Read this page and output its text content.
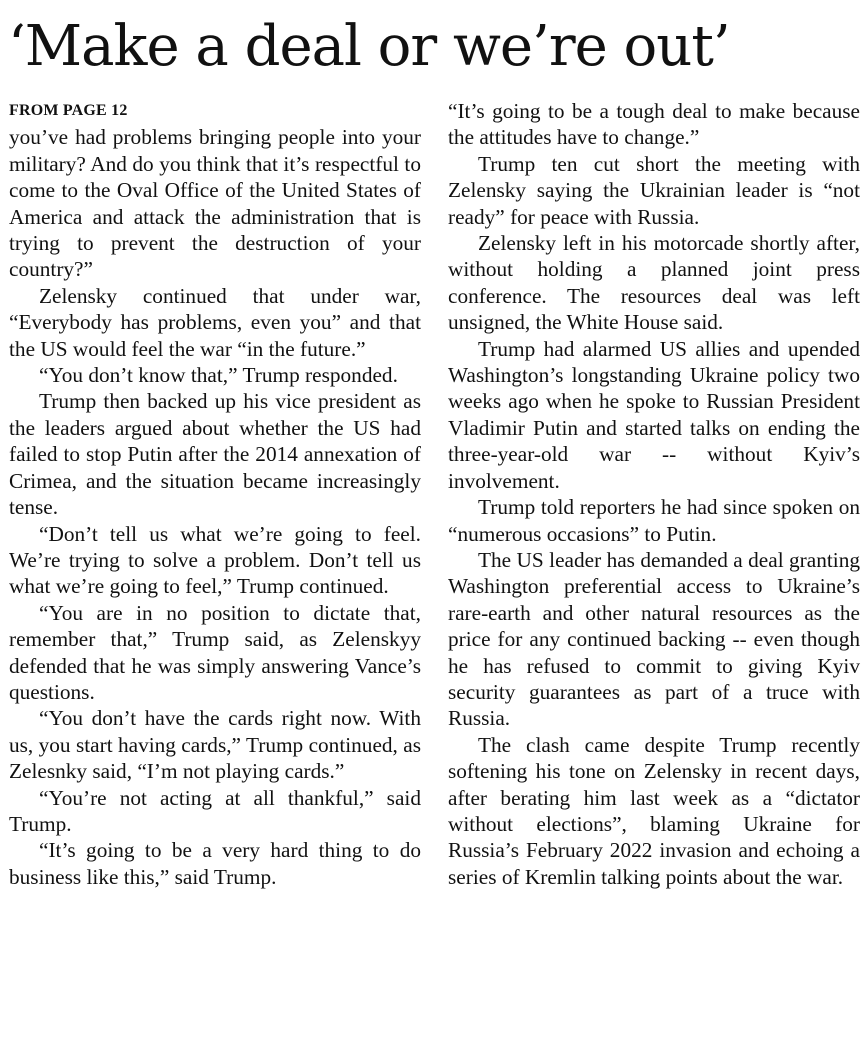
‘Make a deal or we’re out’
FROM PAGE 12

you’ve had problems bringing people into your military? And do you think that it’s respectful to come to the Oval Office of the United States of America and attack the administration that is trying to prevent the destruction of your country?”

Zelensky continued that under war, “Everybody has problems, even you” and that the US would feel the war “in the future.”

“You don’t know that,” Trump responded.

Trump then backed up his vice president as the leaders argued about whether the US had failed to stop Putin after the 2014 annexation of Crimea, and the situation became increasingly tense.

“Don’t tell us what we’re going to feel. We’re trying to solve a problem. Don’t tell us what we’re going to feel,” Trump continued.

“You are in no position to dictate that, remember that,” Trump said, as Zelenskyy defended that he was simply answering Vance’s questions.

“You don’t have the cards right now. With us, you start having cards,” Trump continued, as Zelesnky said, “I’m not playing cards.”

“You’re not acting at all thankful,” said Trump.

“It’s going to be a very hard thing to do business like this,” said Trump.

“It’s going to be a tough deal to make because the attitudes have to change.”

Trump ten cut short the meeting with Zelensky saying the Ukrainian leader is “not ready” for peace with Russia.

Zelensky left in his motorcade shortly after, without holding a planned joint press conference. The resources deal was left unsigned, the White House said.

Trump had alarmed US allies and upended Washington’s longstanding Ukraine policy two weeks ago when he spoke to Russian President Vladimir Putin and started talks on ending the three-year-old war -- without Kyiv’s involvement.

Trump told reporters he had since spoken on “numerous occasions” to Putin.

The US leader has demanded a deal granting Washington preferential access to Ukraine’s rare-earth and other natural resources as the price for any continued backing -- even though he has refused to commit to giving Kyiv security guarantees as part of a truce with Russia.

The clash came despite Trump recently softening his tone on Zelensky in recent days, after berating him last week as a “dictator without elections”, blaming Ukraine for Russia’s February 2022 invasion and echoing a series of Kremlin talking points about the war.
